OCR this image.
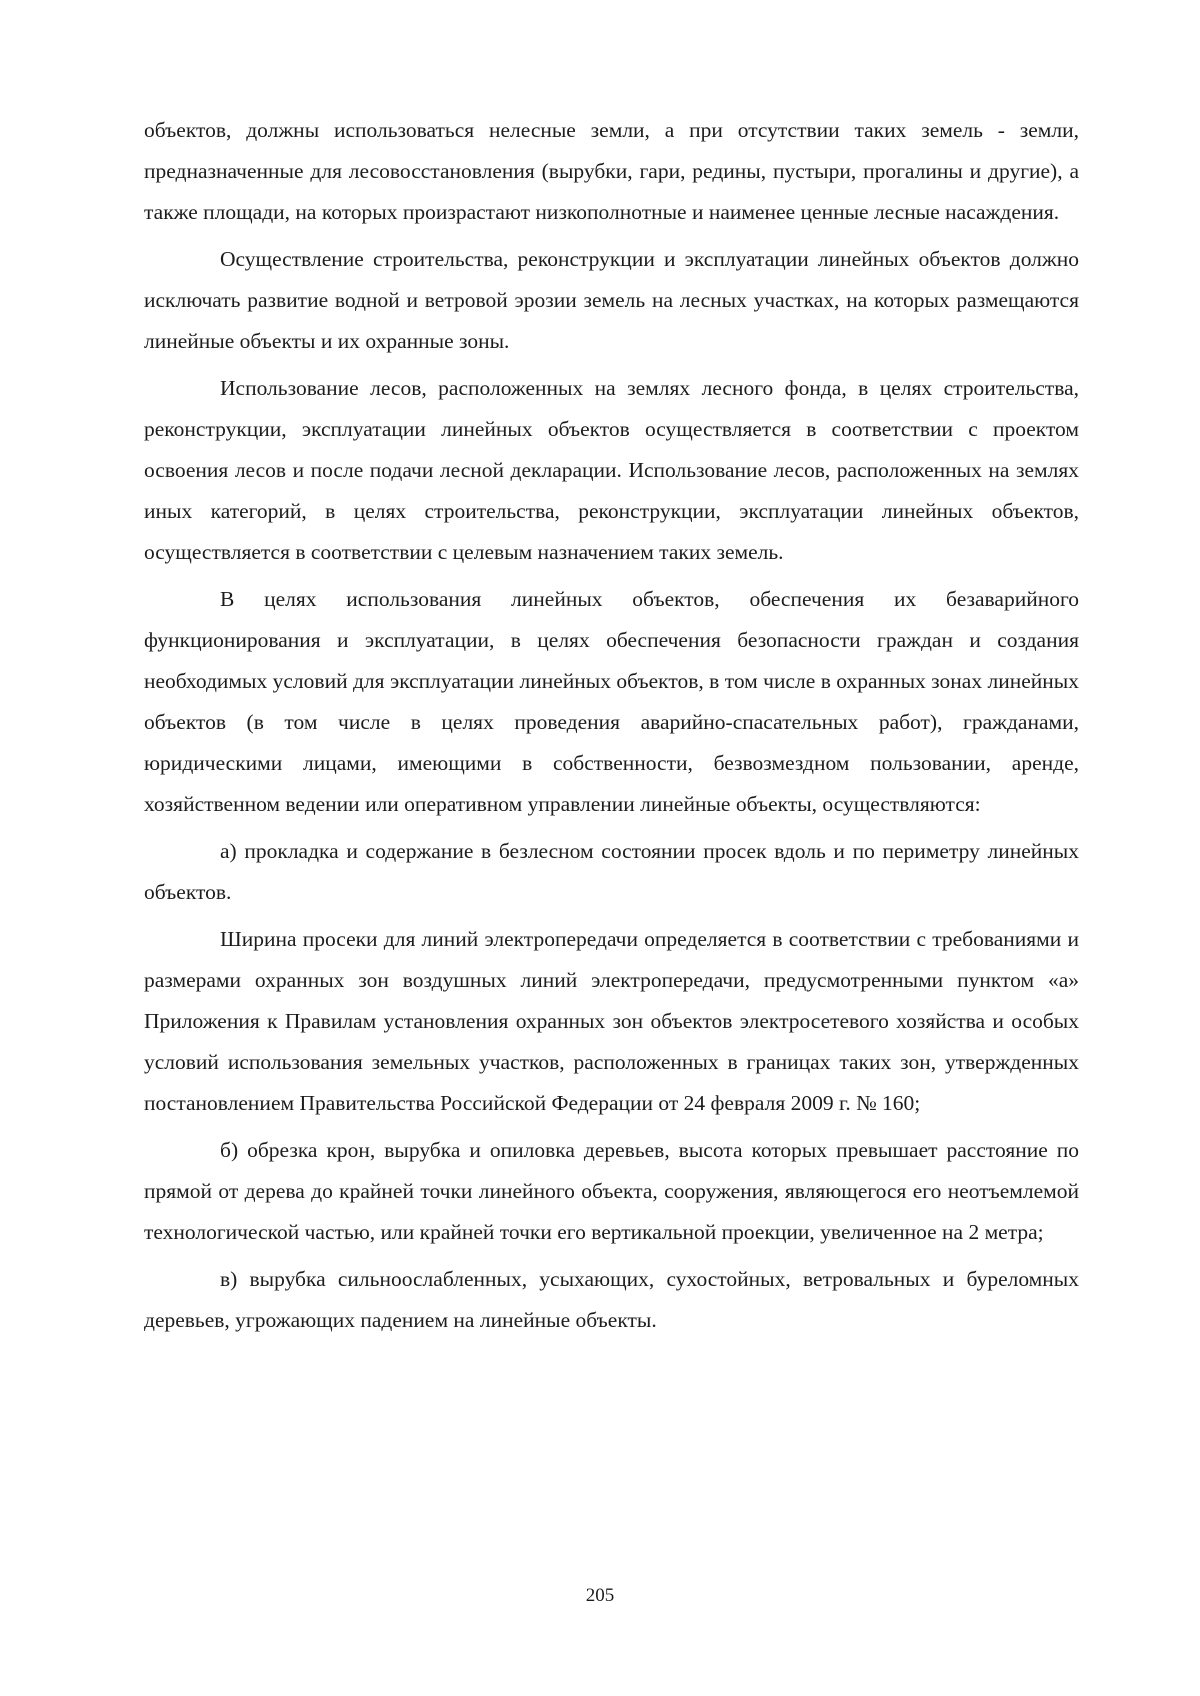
объектов, должны использоваться нелесные земли, а при отсутствии таких земель - земли, предназначенные для лесовосстановления (вырубки, гари, редины, пустыри, прогалины и другие), а также площади, на которых произрастают низкополнотные и наименее ценные лесные насаждения.

Осуществление строительства, реконструкции и эксплуатации линейных объектов должно исключать развитие водной и ветровой эрозии земель на лесных участках, на которых размещаются линейные объекты и их охранные зоны.

Использование лесов, расположенных на землях лесного фонда, в целях строительства, реконструкции, эксплуатации линейных объектов осуществляется в соответствии с проектом освоения лесов и после подачи лесной декларации. Использование лесов, расположенных на землях иных категорий, в целях строительства, реконструкции, эксплуатации линейных объектов, осуществляется в соответствии с целевым назначением таких земель.

В целях использования линейных объектов, обеспечения их безаварийного функционирования и эксплуатации, в целях обеспечения безопасности граждан и создания необходимых условий для эксплуатации линейных объектов, в том числе в охранных зонах линейных объектов (в том числе в целях проведения аварийно-спасательных работ), гражданами, юридическими лицами, имеющими в собственности, безвозмездном пользовании, аренде, хозяйственном ведении или оперативном управлении линейные объекты, осуществляются:

а) прокладка и содержание в безлесном состоянии просек вдоль и по периметру линейных объектов.

Ширина просеки для линий электропередачи определяется в соответствии с требованиями и размерами охранных зон воздушных линий электропередачи, предусмотренными пунктом «а» Приложения к Правилам установления охранных зон объектов электросетевого хозяйства и особых условий использования земельных участков, расположенных в границах таких зон, утвержденных постановлением Правительства Российской Федерации от 24 февраля 2009 г. № 160;

б) обрезка крон, вырубка и опиловка деревьев, высота которых превышает расстояние по прямой от дерева до крайней точки линейного объекта, сооружения, являющегося его неотъемлемой технологической частью, или крайней точки его вертикальной проекции, увеличенное на 2 метра;

в) вырубка сильноослабленных, усыхающих, сухостойных, ветровальных и буреломных деревьев, угрожающих падением на линейные объекты.

205
